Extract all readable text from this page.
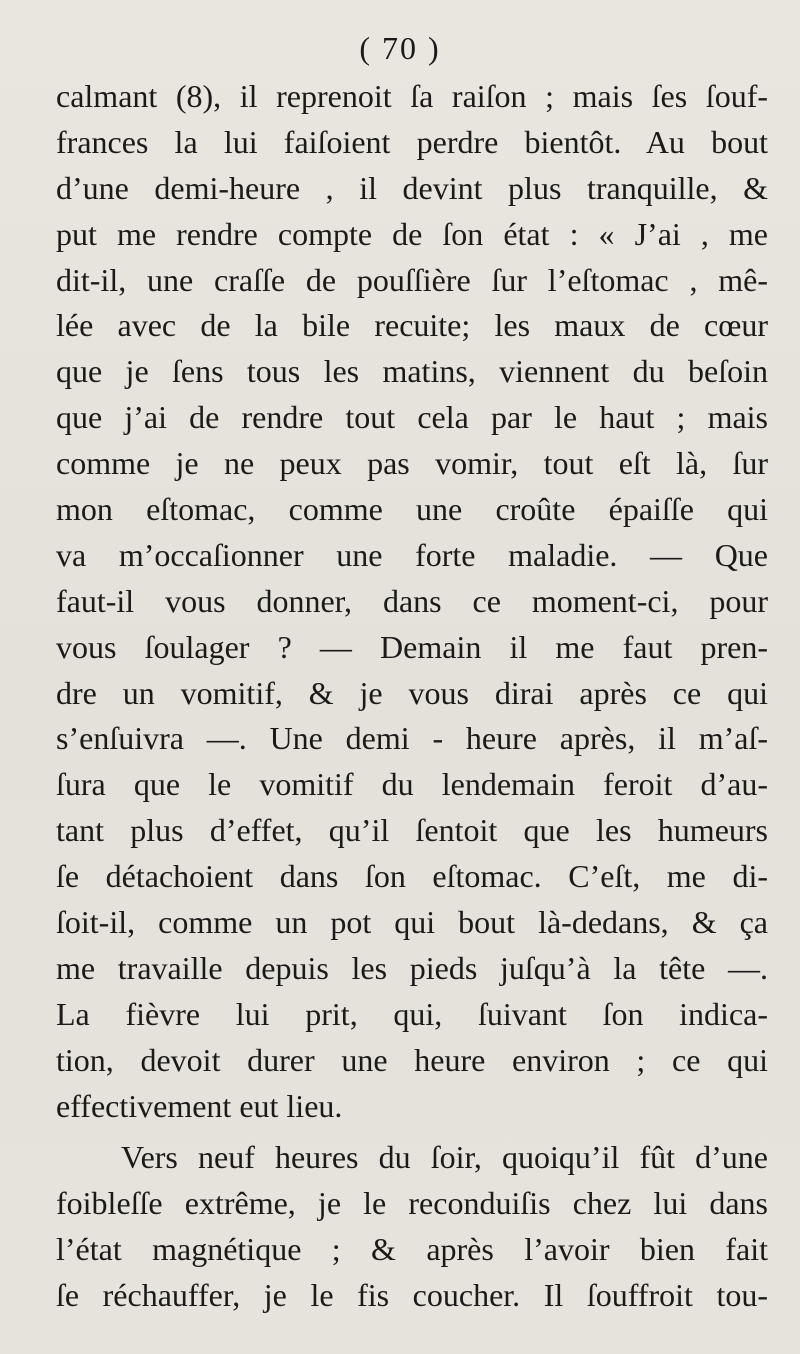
( 70 )
calmant (8), il reprenoit ſa raiſon ; mais ſes ſouf-
frances la lui faiſoient perdre bientôt. Au bout
d’une demi-heure , il devint plus tranquille, &
put me rendre compte de ſon état : « J’ai , me
dit-il, une craſſe de pouſſière ſur l’eſtomac , mê-
lée avec de la bile recuite; les maux de cœur
que je ſens tous les matins, viennent du beſoin
que j’ai de rendre tout cela par le haut ; mais
comme je ne peux pas vomir, tout eſt là, ſur
mon eſtomac, comme une croûte épaiſſe qui
va m’occaſionner une forte maladie. — Que
faut-il vous donner, dans ce moment-ci, pour
vous ſoulager ? — Demain il me faut pren-
dre un vomitif, & je vous dirai après ce qui
s’enſuivra —. Une demi - heure après, il m’aſ-
ſura que le vomitif du lendemain feroit d’au-
tant plus d’effet, qu’il ſentoit que les humeurs
ſe détachoient dans ſon eſtomac. C’eſt, me di-
ſoit-il, comme un pot qui bout là-dedans, & ça
me travaille depuis les pieds juſqu’à la tête —.
La fièvre lui prit, qui, ſuivant ſon indica-
tion, devoit durer une heure environ ; ce qui
effectivement eut lieu.
Vers neuf heures du ſoir, quoiqu’il fût d’une
foibleſſe extrême, je le reconduiſis chez lui dans
l’état magnétique ; & après l’avoir bien fait
ſe réchauffer, je le fis coucher. Il ſouffroit tou-
